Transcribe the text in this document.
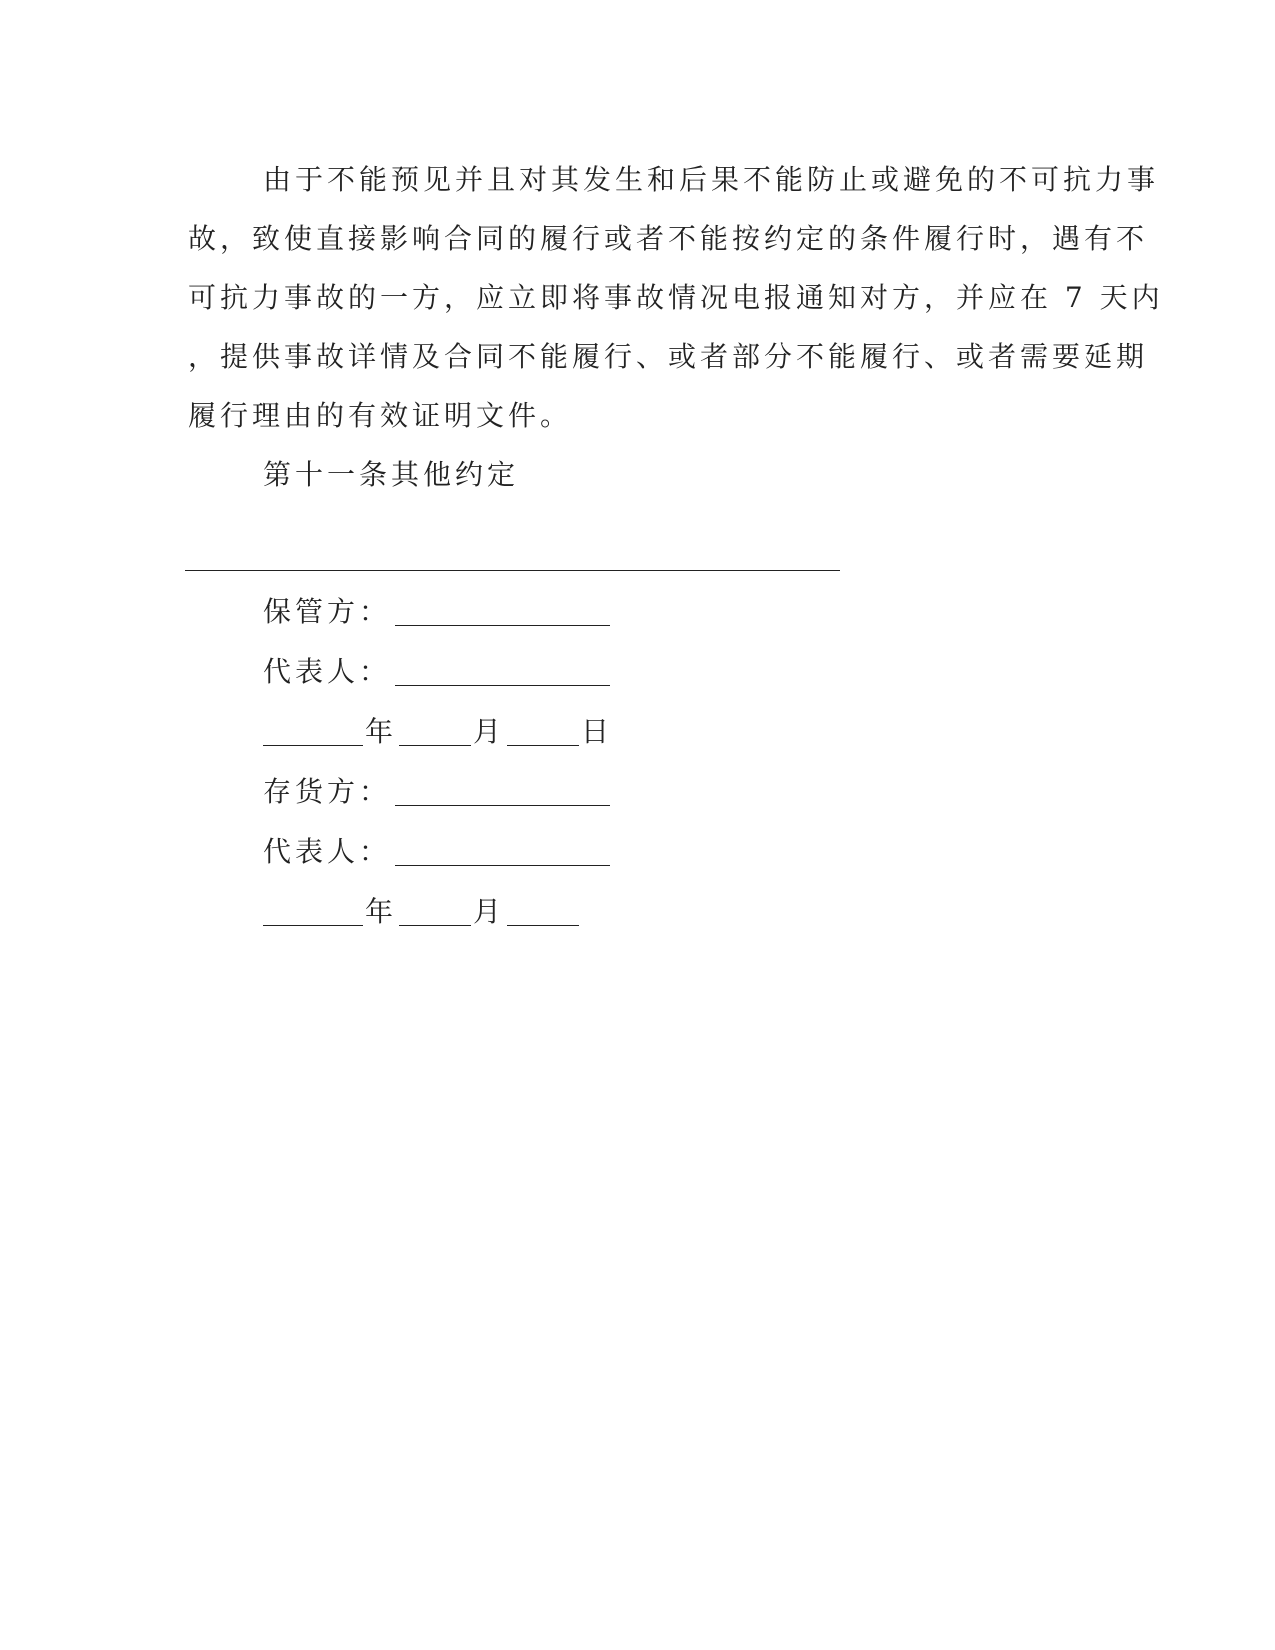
由于不能预见并且对其发生和后果不能防止或避免的不可抗力事
故，致使直接影响合同的履行或者不能按约定的条件履行时，遇有不
可抗力事故的一方，应立即将事故情况电报通知对方，并应在 7 天内
，提供事故详情及合同不能履行、或者部分不能履行、或者需要延期
履行理由的有效证明文件。
第十一条其他约定
保管方：
代表人：
年	月	日
存货方：
代表人：
年	月
